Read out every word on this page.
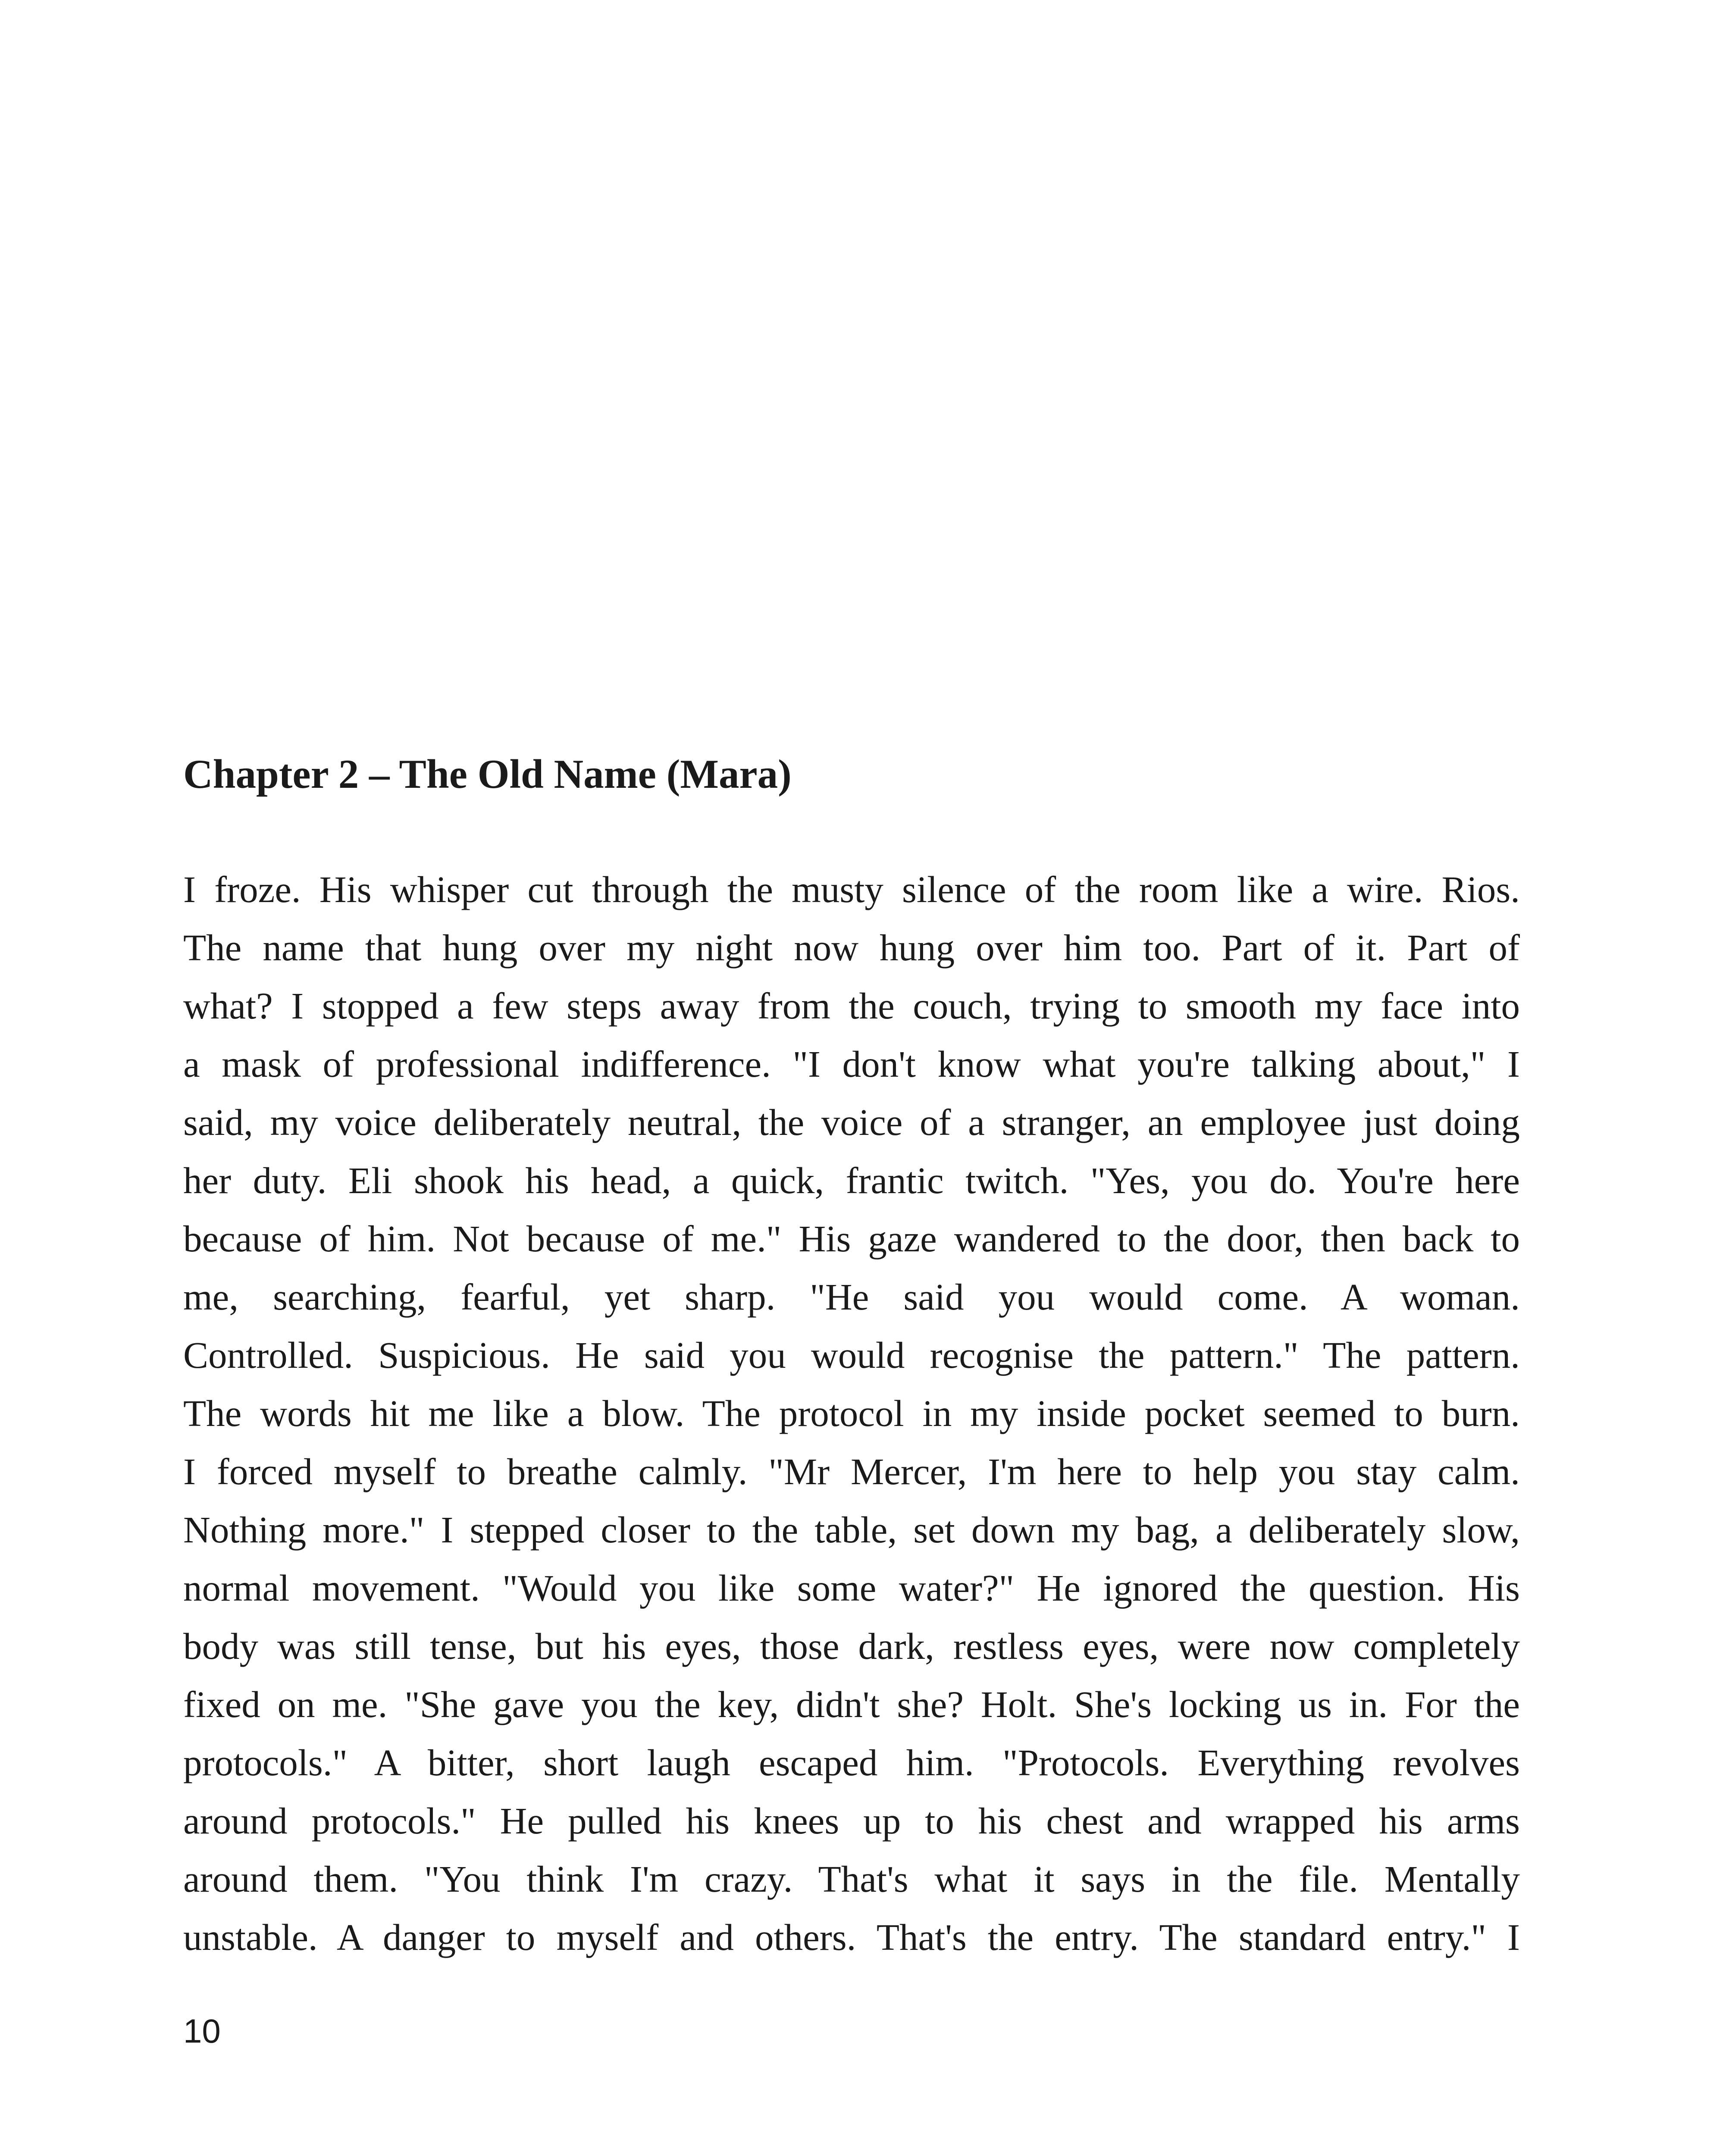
Chapter 2 – The Old Name (Mara)
I froze. His whisper cut through the musty silence of the room like a wire. Rios.
The name that hung over my night now hung over him too. Part of it. Part of
what? I stopped a few steps away from the couch, trying to smooth my face into
a mask of professional indifference. "I don't know what you're talking about," I
said, my voice deliberately neutral, the voice of a stranger, an employee just doing
her duty. Eli shook his head, a quick, frantic twitch. "Yes, you do. You're here
because of him. Not because of me." His gaze wandered to the door, then back to
me, searching, fearful, yet sharp. "He said you would come. A woman.
Controlled. Suspicious. He said you would recognise the pattern." The pattern.
The words hit me like a blow. The protocol in my inside pocket seemed to burn.
I forced myself to breathe calmly. "Mr Mercer, I'm here to help you stay calm.
Nothing more." I stepped closer to the table, set down my bag, a deliberately slow,
normal movement. "Would you like some water?" He ignored the question. His
body was still tense, but his eyes, those dark, restless eyes, were now completely
fixed on me. "She gave you the key, didn't she? Holt. She's locking us in. For the
protocols." A bitter, short laugh escaped him. "Protocols. Everything revolves
around protocols." He pulled his knees up to his chest and wrapped his arms
around them. "You think I'm crazy. That's what it says in the file. Mentally
unstable. A danger to myself and others. That's the entry. The standard entry." I
10
